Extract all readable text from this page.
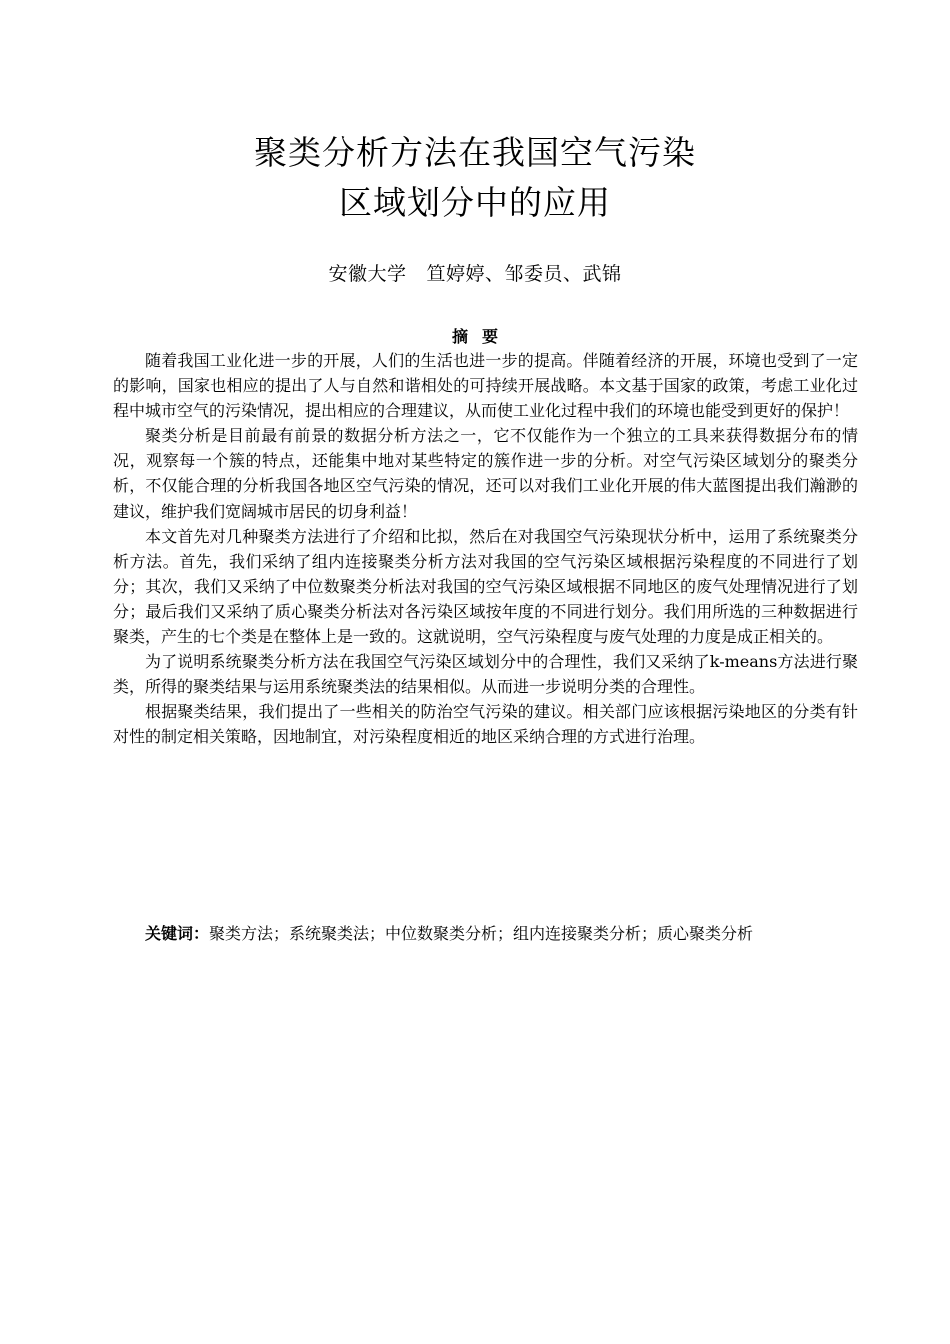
聚类分析方法在我国空气污染
区域划分中的应用
安徽大学 笪婷婷、邹委员、武锦
摘要

随着我国工业化进一步的开展，人们的生活也进一步的提高。伴随着经济的开展，环境也受到了一定的影响，国家也相应的提出了人与自然和谐相处的可持续开展战略。本文基于国家的政策，考虑工业化过程中城市空气的污染情况，提出相应的合理建议，从而使工业化过程中我们的环境也能受到更好的保护！

聚类分析是目前最有前景的数据分析方法之一，它不仅能作为一个独立的工具来获得数据分布的情况，观察每一个簇的特点，还能集中地对某些特定的簇作进一步的分析。对空气污染区域划分的聚类分析，不仅能合理的分析我国各地区空气污染的情况，还可以对我们工业化开展的伟大蓝图提出我们瀚渺的建议，维护我们宽阔城市居民的切身利益！

本文首先对几种聚类方法进行了介绍和比拟，然后在对我国空气污染现状分析中，运用了系统聚类分析方法。首先，我们采纳了组内连接聚类分析方法对我国的空气污染区域根据污染程度的不同进行了划分；其次，我们又采纳了中位数聚类分析法对我国的空气污染区域根据不同地区的废气处理情况进行了划分；最后我们又采纳了质心聚类分析法对各污染区域按年度的不同进行划分。我们用所选的三种数据进行聚类，产生的七个类是在整体上是一致的。这就说明，空气污染程度与废气处理的力度是成正相关的。

为了说明系统聚类分析方法在我国空气污染区域划分中的合理性，我们又采纳了k-means方法进行聚类，所得的聚类结果与运用系统聚类法的结果相似。从而进一步说明分类的合理性。

根据聚类结果，我们提出了一些相关的防治空气污染的建议。相关部门应该根据污染地区的分类有针对性的制定相关策略，因地制宜，对污染程度相近的地区采纳合理的方式进行治理。

关键词：聚类方法；系统聚类法；中位数聚类分析；组内连接聚类分析；质心聚类分析
